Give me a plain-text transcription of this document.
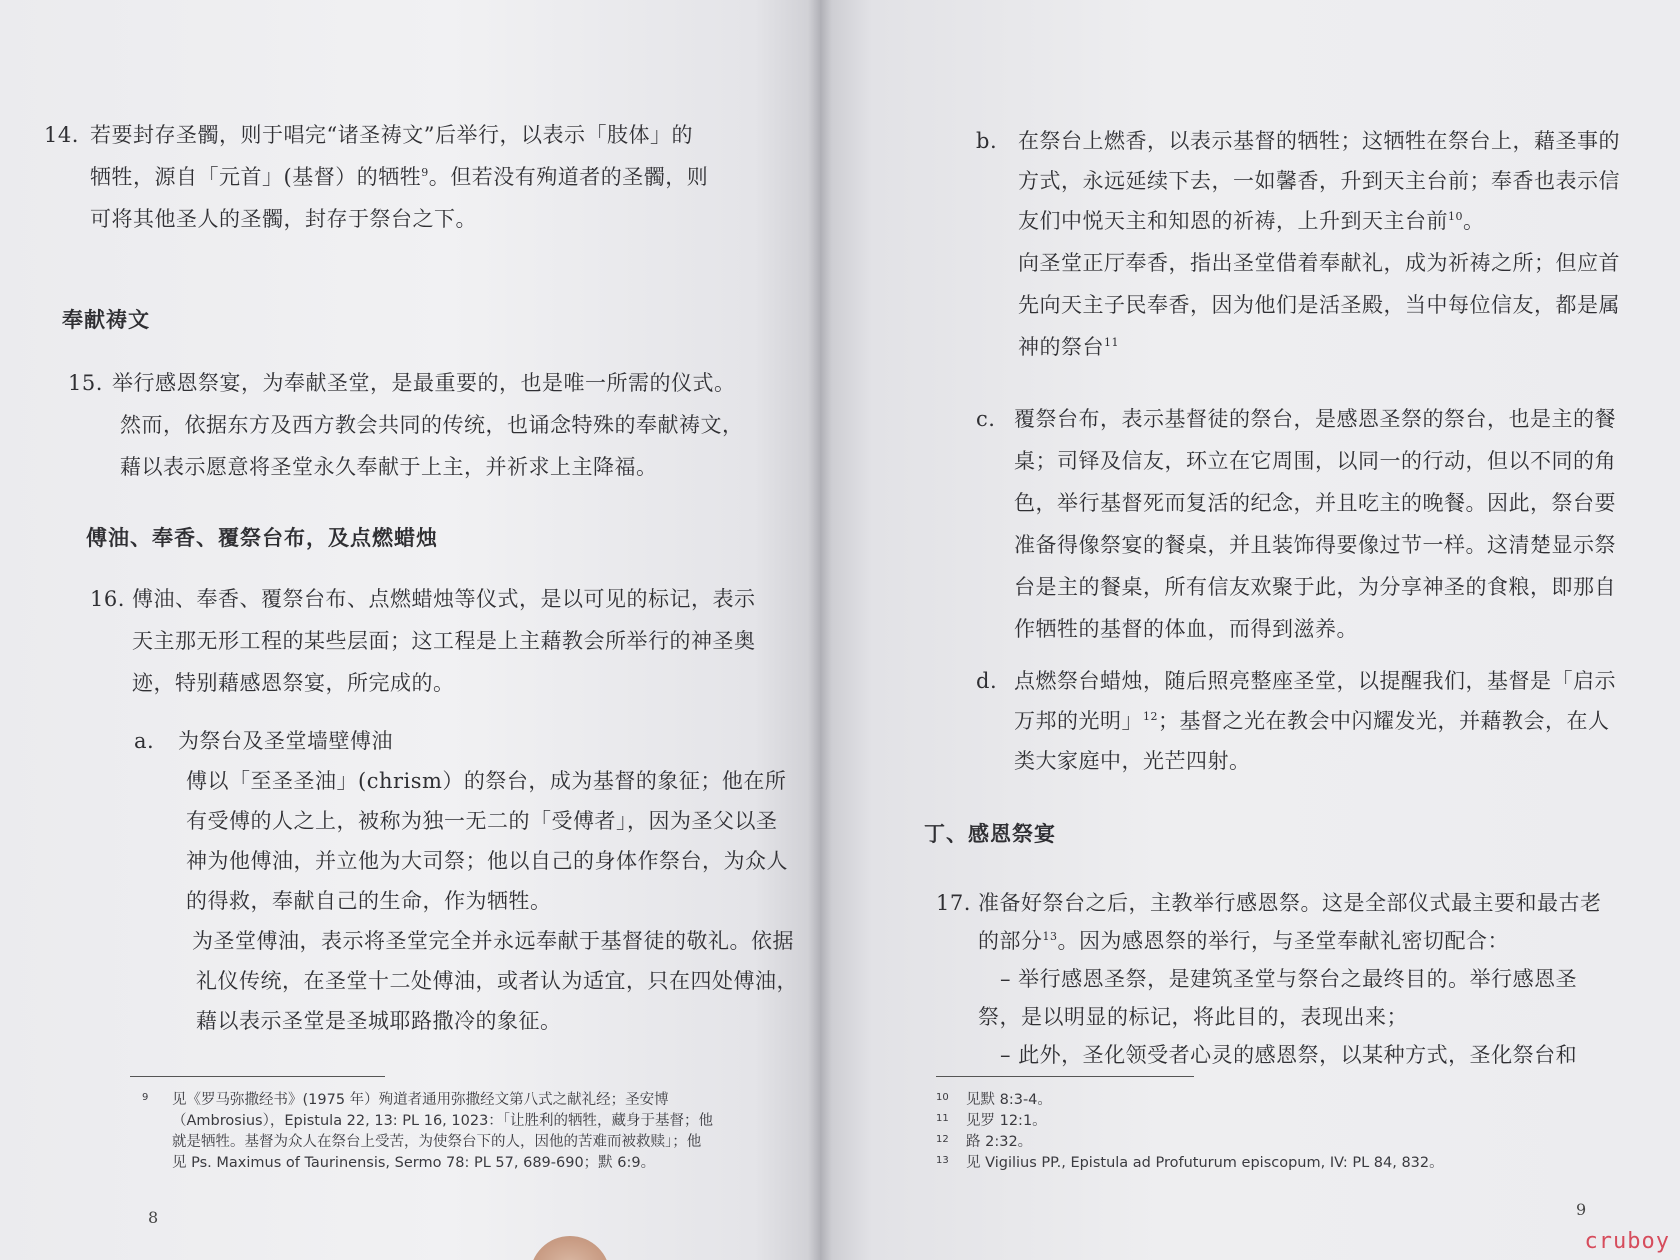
14. 若要封存圣髑，则于唱完“诸圣祷文”后举行，以表示「肢体」的
牺牲，源自「元首」(基督）的牺牲$^9$。但若没有殉道者的圣髑，则
可将其他圣人的圣髑，封存于祭台之下。
奉献祷文
15. 举行感恩祭宴，为奉献圣堂，是最重要的，也是唯一所需的仪式。
然而，依据东方及西方教会共同的传统，也诵念特殊的奉献祷文，
藉以表示愿意将圣堂永久奉献于上主，并祈求上主降福。
傅油、奉香、覆祭台布，及点燃蜡烛
16. 傅油、奉香、覆祭台布、点燃蜡烛等仪式，是以可见的标记，表示
天主那无形工程的某些层面；这工程是上主藉教会所举行的神圣奥
迹，特别藉感恩祭宴，所完成的。
a. 为祭台及圣堂墙壁傅油
傅以「至圣圣油」(chrism）的祭台，成为基督的象征；他在所
有受傅的人之上，被称为独一无二的「受傅者」，因为圣父以圣
神为他傅油，并立他为大司祭；他以自己的身体作祭台，为众人
的得救，奉献自己的生命，作为牺牲。
为圣堂傅油，表示将圣堂完全并永远奉献于基督徒的敬礼。依据
礼仪传统，在圣堂十二处傅油，或者认为适宜，只在四处傅油，
藉以表示圣堂是圣城耶路撒冷的象征。
9 见《罗马弥撒经书》(1975 年）殉道者通用弥撒经文第八式之献礼经；圣安博
（Ambrosius），Epistula 22, 13: PL 16, 1023：「让胜利的牺牲，藏身于基督；他
就是牺牲。基督为众人在祭台上受苦，为使祭台下的人，因他的苦难而被救赎」；他
见 Ps. Maximus of Taurinensis, Sermo 78: PL 57, 689-690；默 6:9。
8
b. 在祭台上燃香，以表示基督的牺牲；这牺牲在祭台上，藉圣事的
方式，永远延续下去，一如馨香，升到天主台前；奉香也表示信
友们中悦天主和知恩的祈祷，上升到天主台前$^{10}$。
向圣堂正厅奉香，指出圣堂借着奉献礼，成为祈祷之所；但应首
先向天主子民奉香，因为他们是活圣殿，当中每位信友，都是属
神的祭台$^{11}$
c. 覆祭台布，表示基督徒的祭台，是感恩圣祭的祭台，也是主的餐
桌；司铎及信友，环立在它周围，以同一的行动，但以不同的角
色，举行基督死而复活的纪念，并且吃主的晚餐。因此，祭台要
准备得像祭宴的餐桌，并且装饰得要像过节一样。这清楚显示祭
台是主的餐桌，所有信友欢聚于此，为分享神圣的食粮，即那自
作牺牲的基督的体血，而得到滋养。
d. 点燃祭台蜡烛，随后照亮整座圣堂，以提醒我们，基督是「启示
万邦的光明」$^{12}$；基督之光在教会中闪耀发光，并藉教会，在人
类大家庭中，光芒四射。
丁、感恩祭宴
17. 准备好祭台之后，主教举行感恩祭。这是全部仪式最主要和最古老
的部分$^{13}$。因为感恩祭的举行，与圣堂奉献礼密切配合：
– 举行感恩圣祭，是建筑圣堂与祭台之最终目的。举行感恩圣
祭，是以明显的标记，将此目的，表现出来；
– 此外，圣化领受者心灵的感恩祭，以某种方式，圣化祭台和
10 见默 8:3-4。
11 见罗 12:1。
12 路 2:32。
13 见 Vigilius PP., Epistula ad Profuturum episcopum, IV: PL 84, 832。
9
cruboy
